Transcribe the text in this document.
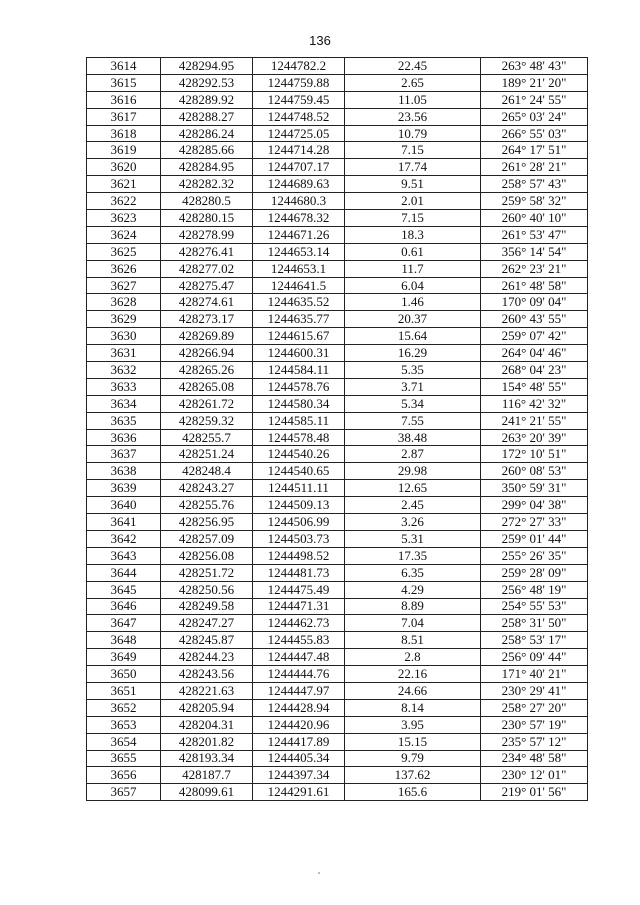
136
3614	428294.95	1244782.2	22.45	263° 48' 43"
3615	428292.53	1244759.88	2.65	189° 21' 20"
3616	428289.92	1244759.45	11.05	261° 24' 55"
3617	428288.27	1244748.52	23.56	265° 03' 24"
3618	428286.24	1244725.05	10.79	266° 55' 03"
3619	428285.66	1244714.28	7.15	264° 17' 51"
3620	428284.95	1244707.17	17.74	261° 28' 21"
3621	428282.32	1244689.63	9.51	258° 57' 43"
3622	428280.5	1244680.3	2.01	259° 58' 32"
3623	428280.15	1244678.32	7.15	260° 40' 10"
3624	428278.99	1244671.26	18.3	261° 53' 47"
3625	428276.41	1244653.14	0.61	356° 14' 54"
3626	428277.02	1244653.1	11.7	262° 23' 21"
3627	428275.47	1244641.5	6.04	261° 48' 58"
3628	428274.61	1244635.52	1.46	170° 09' 04"
3629	428273.17	1244635.77	20.37	260° 43' 55"
3630	428269.89	1244615.67	15.64	259° 07' 42"
3631	428266.94	1244600.31	16.29	264° 04' 46"
3632	428265.26	1244584.11	5.35	268° 04' 23"
3633	428265.08	1244578.76	3.71	154° 48' 55"
3634	428261.72	1244580.34	5.34	116° 42' 32"
3635	428259.32	1244585.11	7.55	241° 21' 55"
3636	428255.7	1244578.48	38.48	263° 20' 39"
3637	428251.24	1244540.26	2.87	172° 10' 51"
3638	428248.4	1244540.65	29.98	260° 08' 53"
3639	428243.27	1244511.11	12.65	350° 59' 31"
3640	428255.76	1244509.13	2.45	299° 04' 38"
3641	428256.95	1244506.99	3.26	272° 27' 33"
3642	428257.09	1244503.73	5.31	259° 01' 44"
3643	428256.08	1244498.52	17.35	255° 26' 35"
3644	428251.72	1244481.73	6.35	259° 28' 09"
3645	428250.56	1244475.49	4.29	256° 48' 19"
3646	428249.58	1244471.31	8.89	254° 55' 53"
3647	428247.27	1244462.73	7.04	258° 31' 50"
3648	428245.87	1244455.83	8.51	258° 53' 17"
3649	428244.23	1244447.48	2.8	256° 09' 44"
3650	428243.56	1244444.76	22.16	171° 40' 21"
3651	428221.63	1244447.97	24.66	230° 29' 41"
3652	428205.94	1244428.94	8.14	258° 27' 20"
3653	428204.31	1244420.96	3.95	230° 57' 19"
3654	428201.82	1244417.89	15.15	235° 57' 12"
3655	428193.34	1244405.34	9.79	234° 48' 58"
3656	428187.7	1244397.34	137.62	230° 12' 01"
3657	428099.61	1244291.61	165.6	219° 01' 56"
